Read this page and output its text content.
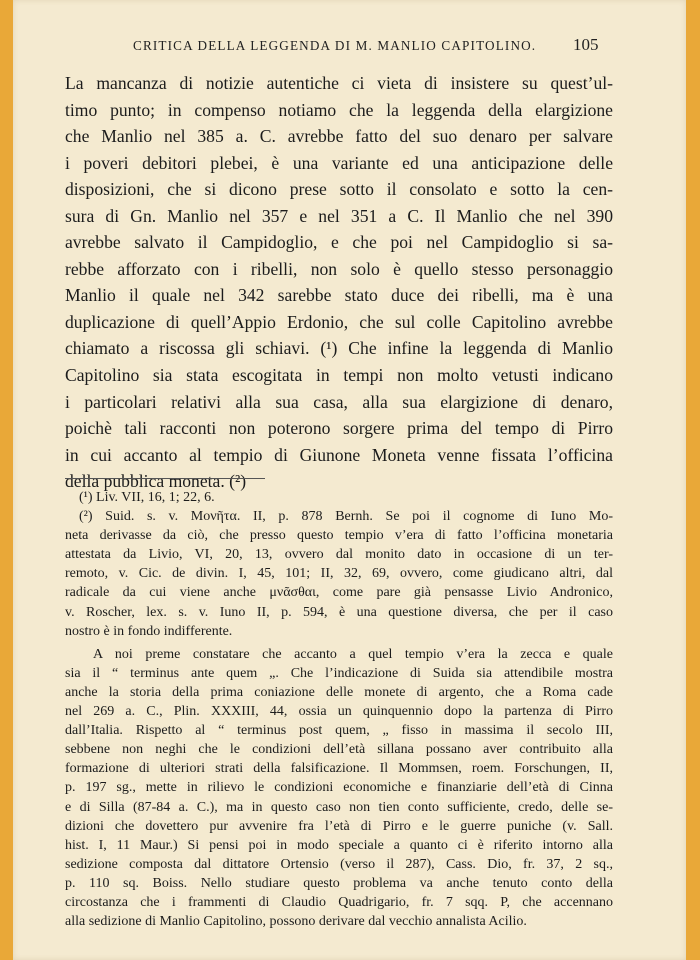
CRITICA DELLA LEGGENDA DI M. MANLIO CAPITOLINO. 105
La mancanza di notizie autentiche ci vieta di insistere su quest’ul-
timo punto; in compenso notiamo che la leggenda della elargizione
che Manlio nel 385 a. C. avrebbe fatto del suo denaro per salvare
i poveri debitori plebei, è una variante ed una anticipazione delle
disposizioni, che si dicono prese sotto il consolato e sotto la cen-
sura di Gn. Manlio nel 357 e nel 351 a C. Il Manlio che nel 390
avrebbe salvato il Campidoglio, e che poi nel Campidoglio si sa-
rebbe afforzato con i ribelli, non solo è quello stesso personaggio
Manlio il quale nel 342 sarebbe stato duce dei ribelli, ma è una
duplicazione di quell’Appio Erdonio, che sul colle Capitolino avrebbe
chiamato a riscossa gli schiavi. (¹) Che infine la leggenda di Manlio
Capitolino sia stata escogitata in tempi non molto vetusti indicano
i particolari relativi alla sua casa, alla sua elargizione di denaro,
poichè tali racconti non poterono sorgere prima del tempo di Pirro
in cui accanto al tempio di Giunone Moneta venne fissata l’officina
della pubblica moneta. (²)
(¹) Liv. VII, 16, 1; 22, 6.
(²) Suid. s. v. Μονῆτα. II, p. 878 Bernh. Se poi il cognome di Iuno Mo-
neta derivasse da ciò, che presso questo tempio v’era di fatto l’officina monetaria
attestata da Livio, VI, 20, 13, ovvero dal monito dato in occasione di un ter-
remoto, v. Cic. de divin. I, 45, 101; II, 32, 69, ovvero, come giudicano altri, dal
radicale da cui viene anche μνᾶσθαι, come pare già pensasse Livio Andronico,
v. Roscher, lex. s. v. Iuno II, p. 594, è una questione diversa, che per il caso
nostro è in fondo indifferente.
A noi preme constatare che accanto a quel tempio v’era la zecca e quale
sia il “ terminus ante quem „. Che l’indicazione di Suida sia attendibile mostra
anche la storia della prima coniazione delle monete di argento, che a Roma cade
nel 269 a. C., Plin. XXXIII, 44, ossia un quinquennio dopo la partenza di Pirro
dall’Italia. Rispetto al “ terminus post quem, „ fisso in massima il secolo III,
sebbene non neghi che le condizioni dell’età sillana possano aver contribuito alla
formazione di ulteriori strati della falsificazione. Il Mommsen, roem. Forschungen, II,
p. 197 sg., mette in rilievo le condizioni economiche e finanziarie dell’età di Cinna
e di Silla (87-84 a. C.), ma in questo caso non tien conto sufficiente, credo, delle se-
dizioni che dovettero pur avvenire fra l’età di Pirro e le guerre puniche (v. Sall.
hist. I, 11 Maur.) Si pensi poi in modo speciale a quanto ci è riferito intorno alla
sedizione composta dal dittatore Ortensio (verso il 287), Cass. Dio, fr. 37, 2 sq.,
p. 110 sq. Boiss. Nello studiare questo problema va anche tenuto conto della
circostanza che i frammenti di Claudio Quadrigario, fr. 7 sqq. P, che accennano
alla sedizione di Manlio Capitolino, possono derivare dal vecchio annalista Acilio.
